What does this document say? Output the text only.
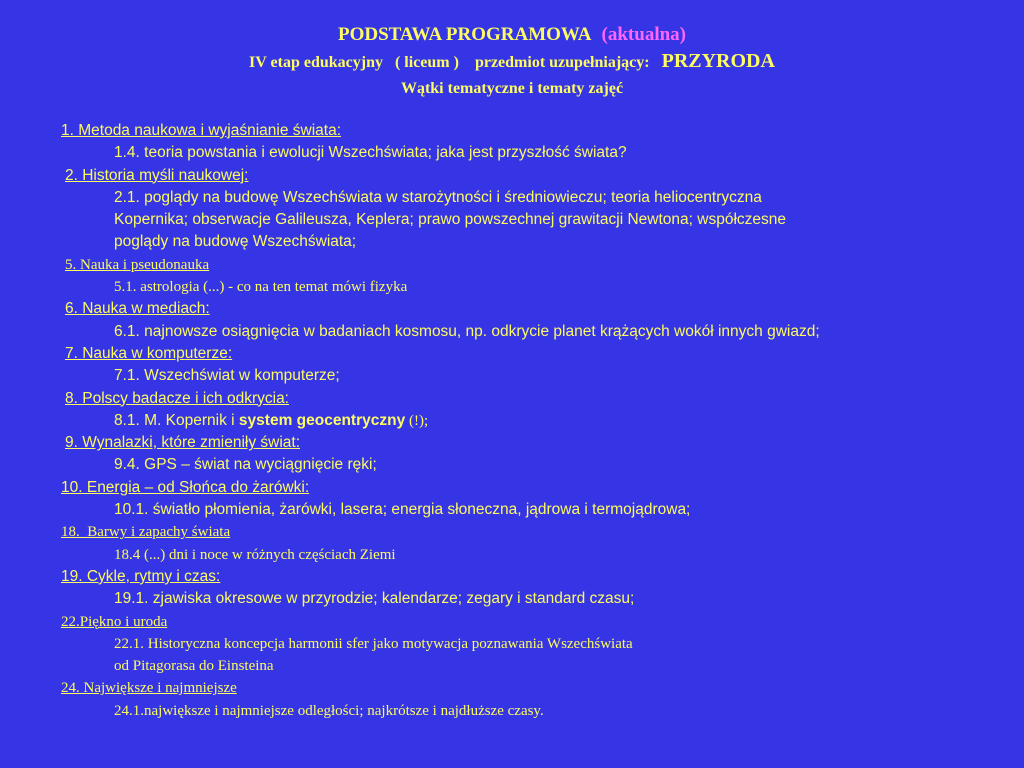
PODSTAWA PROGRAMOWA (aktualna)
IV etap edukacyjny   ( liceum )    przedmiot uzupełniający:   PRZYRODA
Wątki tematyczne i tematy zajęć
1. Metoda naukowa i wyjaśnianie świata:
1.4. teoria powstania i ewolucji Wszechświata; jaka jest przyszłość świata?
2. Historia myśli naukowej:
2.1. poglądy na budowę Wszechświata w starożytności i średniowieczu; teoria heliocentryczna
Kopernika; obserwacje Galileusza, Keplera; prawo powszechnej grawitacji Newtona; współczesne
poglądy na budowę Wszechświata;
5. Nauka i pseudonauka
5.1. astrologia (...) - co na ten temat mówi fizyka
6. Nauka w mediach:
6.1. najnowsze osiągnięcia w badaniach kosmosu, np. odkrycie planet krążących wokół innych gwiazd;
7. Nauka w komputerze:
7.1. Wszechświat w komputerze;
8. Polscy badacze i ich odkrycia:
8.1. M. Kopernik i system geocentryczny (!);
9. Wynalazki, które zmieniły świat:
9.4. GPS – świat na wyciągnięcie ręki;
10. Energia – od Słońca do żarówki:
10.1. światło płomienia, żarówki, lasera; energia słoneczna, jądrowa i termojądrowa;
18.  Barwy i zapachy świata
18.4 (...) dni i noce w różnych częściach Ziemi
19. Cykle, rytmy i czas:
19.1. zjawiska okresowe w przyrodzie; kalendarze; zegary i standard czasu;
22.Piękno i uroda
22.1. Historyczna koncepcja harmonii sfer jako motywacja poznawania Wszechświata
od Pitagorasa do Einsteina
24. Największe i najmniejsze
24.1.największe i najmniejsze odległości; najkrótsze i najdłuższe czasy.
